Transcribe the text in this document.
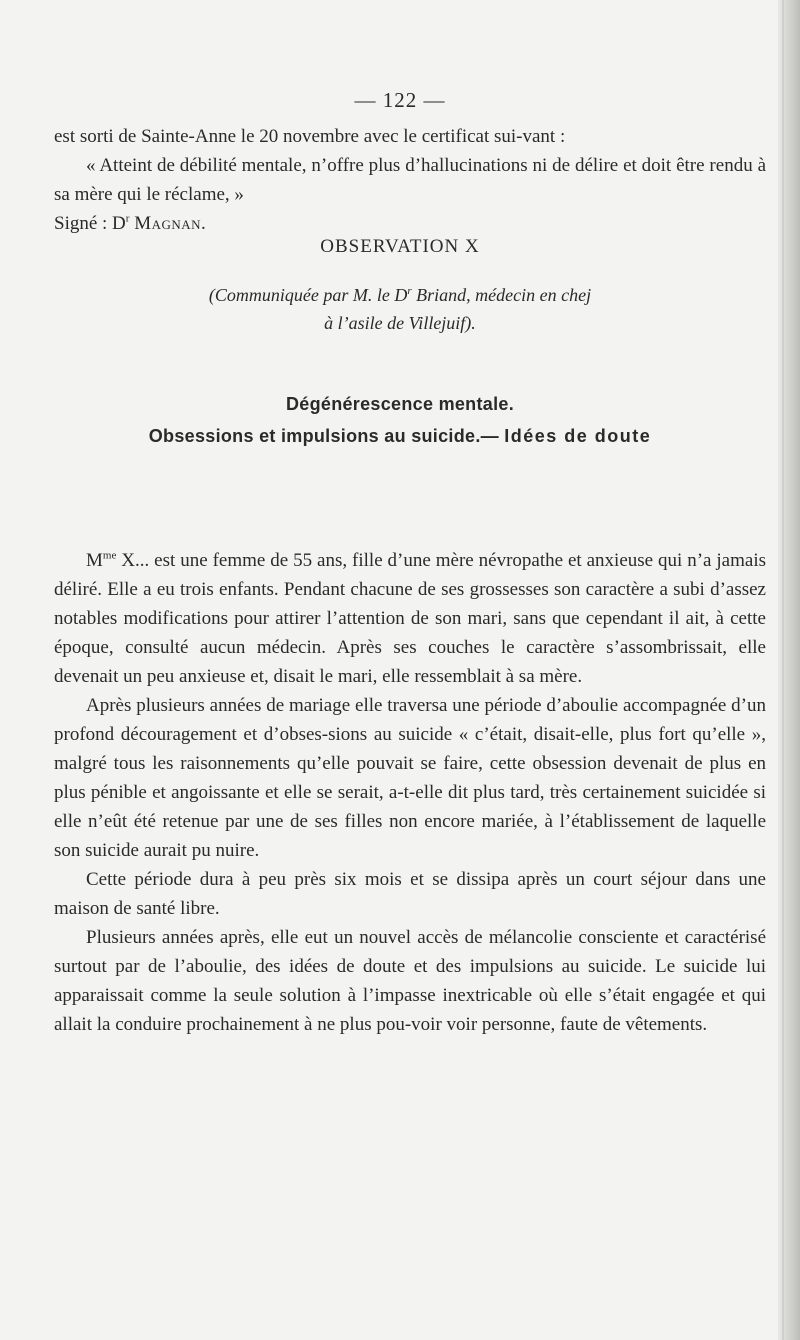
— 122 —

est sorti de Sainte-Anne le 20 novembre avec le certificat sui-vant :

« Atteint de débilité mentale, n’offre plus d’hallucinations ni de délire et doit être rendu à sa mère qui le réclame, »

Signé : $D^r$ Magnan.

OBSERVATION X
(Communiquée par M. le $D^r$ Briand, médecin en chej
à l’asile de Villejuif).
Dégénérescence mentale.
Obsessions et impulsions au suicide.— Idées de doute

$M^{me}$ X... est une femme de 55 ans, fille d’une mère névropathe et anxieuse qui n’a jamais déliré. Elle a eu trois enfants. Pendant chacune de ses grossesses son caractère a subi d’assez notables modifications pour attirer l’attention de son mari, sans que cependant il ait, à cette époque, consulté aucun médecin. Après ses couches le caractère s’assombrissait, elle devenait un peu anxieuse et, disait le mari, elle ressemblait à sa mère.

Après plusieurs années de mariage elle traversa une période d’aboulie accompagnée d’un profond découragement et d’obses-sions au suicide « c’était, disait-elle, plus fort qu’elle », malgré tous les raisonnements qu’elle pouvait se faire, cette obsession devenait de plus en plus pénible et angoissante et elle se serait, a-t-elle dit plus tard, très certainement suicidée si elle n’eût été retenue par une de ses filles non encore mariée, à l’établissement de laquelle son suicide aurait pu nuire.

Cette période dura à peu près six mois et se dissipa après un court séjour dans une maison de santé libre.

Plusieurs années après, elle eut un nouvel accès de mélancolie consciente et caractérisé surtout par de l’aboulie, des idées de doute et des impulsions au suicide. Le suicide lui apparaissait comme la seule solution à l’impasse inextricable où elle s’était engagée et qui allait la conduire prochainement à ne plus pou-voir voir personne, faute de vêtements.
